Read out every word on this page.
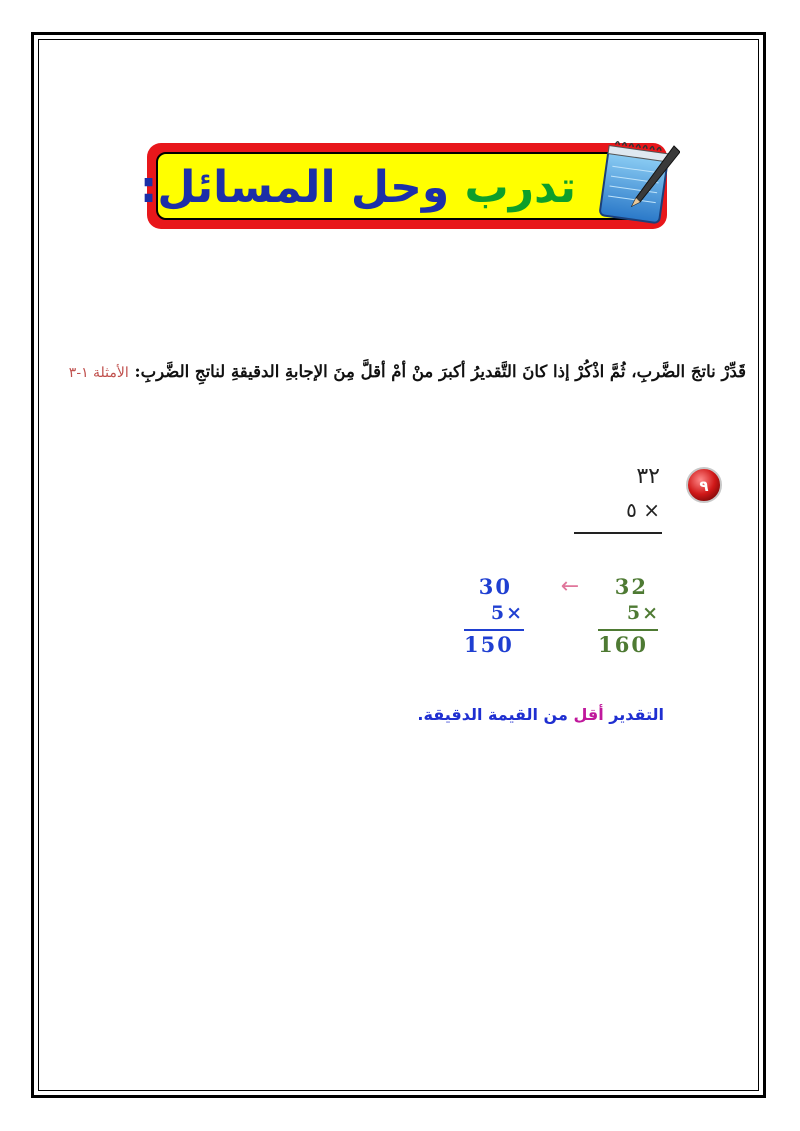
تدرب وحل المسائل:
قَدِّرْ ناتجَ الضَّربِ، ثُمَّ اذْكُرْ إذا كانَ التَّقديرُ أكبرَ منْ أمْ أقلَّ مِنَ الإجابةِ الدقيقةِ لناتجِ الضَّربِ: الأمثلة ١-٣
٩
٣٢
٥ ×
32
5×
160
←
30
5×
150
التقدير أقل من القيمة الدقيقة.
